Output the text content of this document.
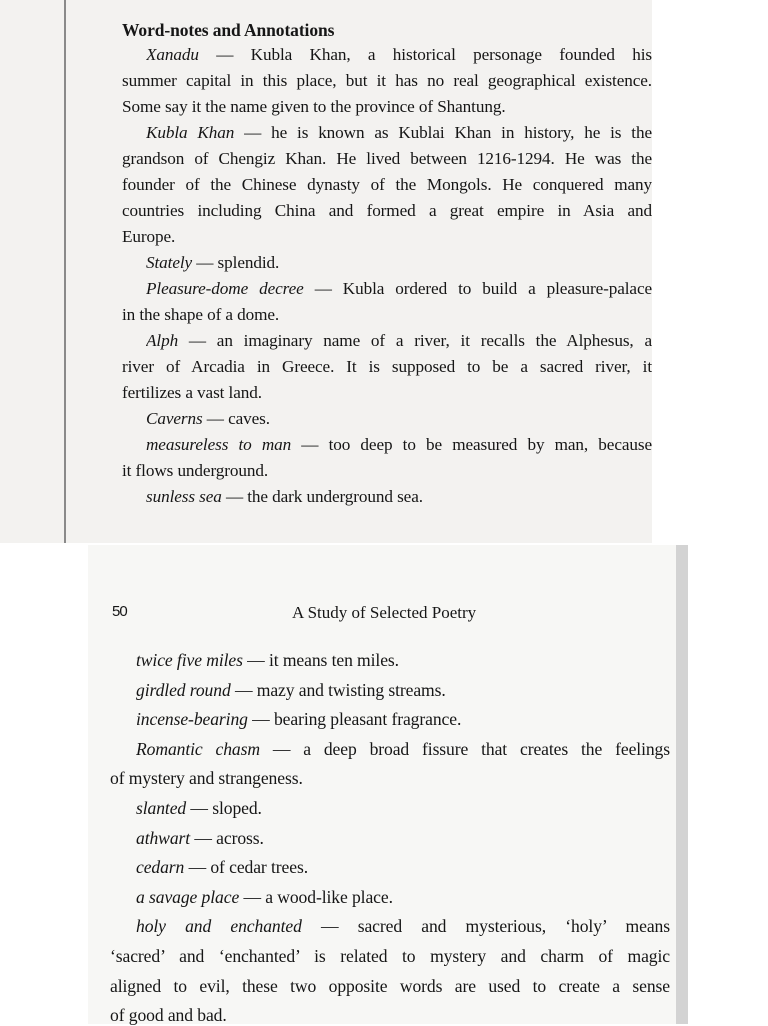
Word-notes and Annotations
Xanadu — Kubla Khan, a historical personage founded his
summer capital in this place, but it has no real geographical existence.
Some say it the name given to the province of Shantung.
Kubla Khan — he is known as Kublai Khan in history, he is the
grandson of Chengiz Khan. He lived between 1216-1294. He was the
founder of the Chinese dynasty of the Mongols. He conquered many
countries including China and formed a great empire in Asia and
Europe.
Stately — splendid.
Pleasure-dome decree — Kubla ordered to build a pleasure-palace
in the shape of a dome.
Alph — an imaginary name of a river, it recalls the Alphesus, a
river of Arcadia in Greece. It is supposed to be a sacred river, it
fertilizes a vast land.
Caverns — caves.
measureless to man — too deep to be measured by man, because
it flows underground.
sunless sea — the dark underground sea.
50	A Study of Selected Poetry
twice five miles — it means ten miles.
girdled round — mazy and twisting streams.
incense-bearing — bearing pleasant fragrance.
Romantic chasm — a deep broad fissure that creates the feelings
of mystery and strangeness.
slanted — sloped.
athwart — across.
cedarn — of cedar trees.
a savage place — a wood-like place.
holy and enchanted — sacred and mysterious, ‘holy’ means
‘sacred’ and ‘enchanted’ is related to mystery and charm of magic
aligned to evil, these two opposite words are used to create a sense
of good and bad.
